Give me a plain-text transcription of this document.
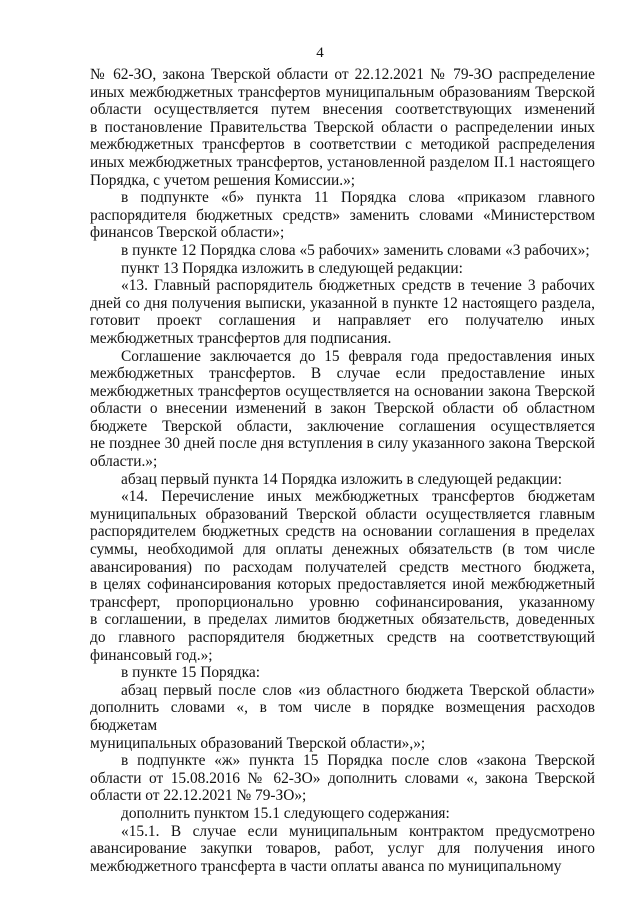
4

№ 62-ЗО, закона Тверской области от 22.12.2021 № 79-ЗО распределение
иных межбюджетных трансфертов муниципальным образованиям Тверской
области осуществляется путем внесения соответствующих изменений
в постановление Правительства Тверской области о распределении иных
межбюджетных трансфертов в соответствии с методикой распределения
иных межбюджетных трансфертов, установленной разделом II.1 настоящего
Порядка, с учетом решения Комиссии.»;

в подпункте «б» пункта 11 Порядка слова «приказом главного
распорядителя бюджетных средств» заменить словами «Министерством
финансов Тверской области»;

в пункте 12 Порядка слова «5 рабочих» заменить словами «3 рабочих»;

пункт 13 Порядка изложить в следующей редакции:

«13. Главный распорядитель бюджетных средств в течение 3 рабочих
дней со дня получения выписки, указанной в пункте 12 настоящего раздела,
готовит проект соглашения и направляет его получателю иных
межбюджетных трансфертов для подписания.

Соглашение заключается до 15 февраля года предоставления иных
межбюджетных трансфертов. В случае если предоставление иных
межбюджетных трансфертов осуществляется на основании закона Тверской
области о внесении изменений в закон Тверской области об областном
бюджете Тверской области, заключение соглашения осуществляется
не позднее 30 дней после дня вступления в силу указанного закона Тверской
области.»;

абзац первый пункта 14 Порядка изложить в следующей редакции:

«14. Перечисление иных межбюджетных трансфертов бюджетам
муниципальных образований Тверской области осуществляется главным
распорядителем бюджетных средств на основании соглашения в пределах
суммы, необходимой для оплаты денежных обязательств (в том числе
авансирования) по расходам получателей средств местного бюджета,
в целях софинансирования которых предоставляется иной межбюджетный
трансферт, пропорционально уровню софинансирования, указанному
в соглашении, в пределах лимитов бюджетных обязательств, доведенных
до главного распорядителя бюджетных средств на соответствующий
финансовый год.»;

в пункте 15 Порядка:

абзац первый после слов «из областного бюджета Тверской области»
дополнить словами «, в том числе в порядке возмещения расходов бюджетам
муниципальных образований Тверской области»,»;

в подпункте «ж» пункта 15 Порядка после слов «закона Тверской
области от 15.08.2016 № 62-ЗО» дополнить словами «, закона Тверской
области от 22.12.2021 № 79-ЗО»;

дополнить пунктом 15.1 следующего содержания:

«15.1. В случае если муниципальным контрактом предусмотрено
авансирование закупки товаров, работ, услуг для получения иного
межбюджетного трансферта в части оплаты аванса по муниципальному
